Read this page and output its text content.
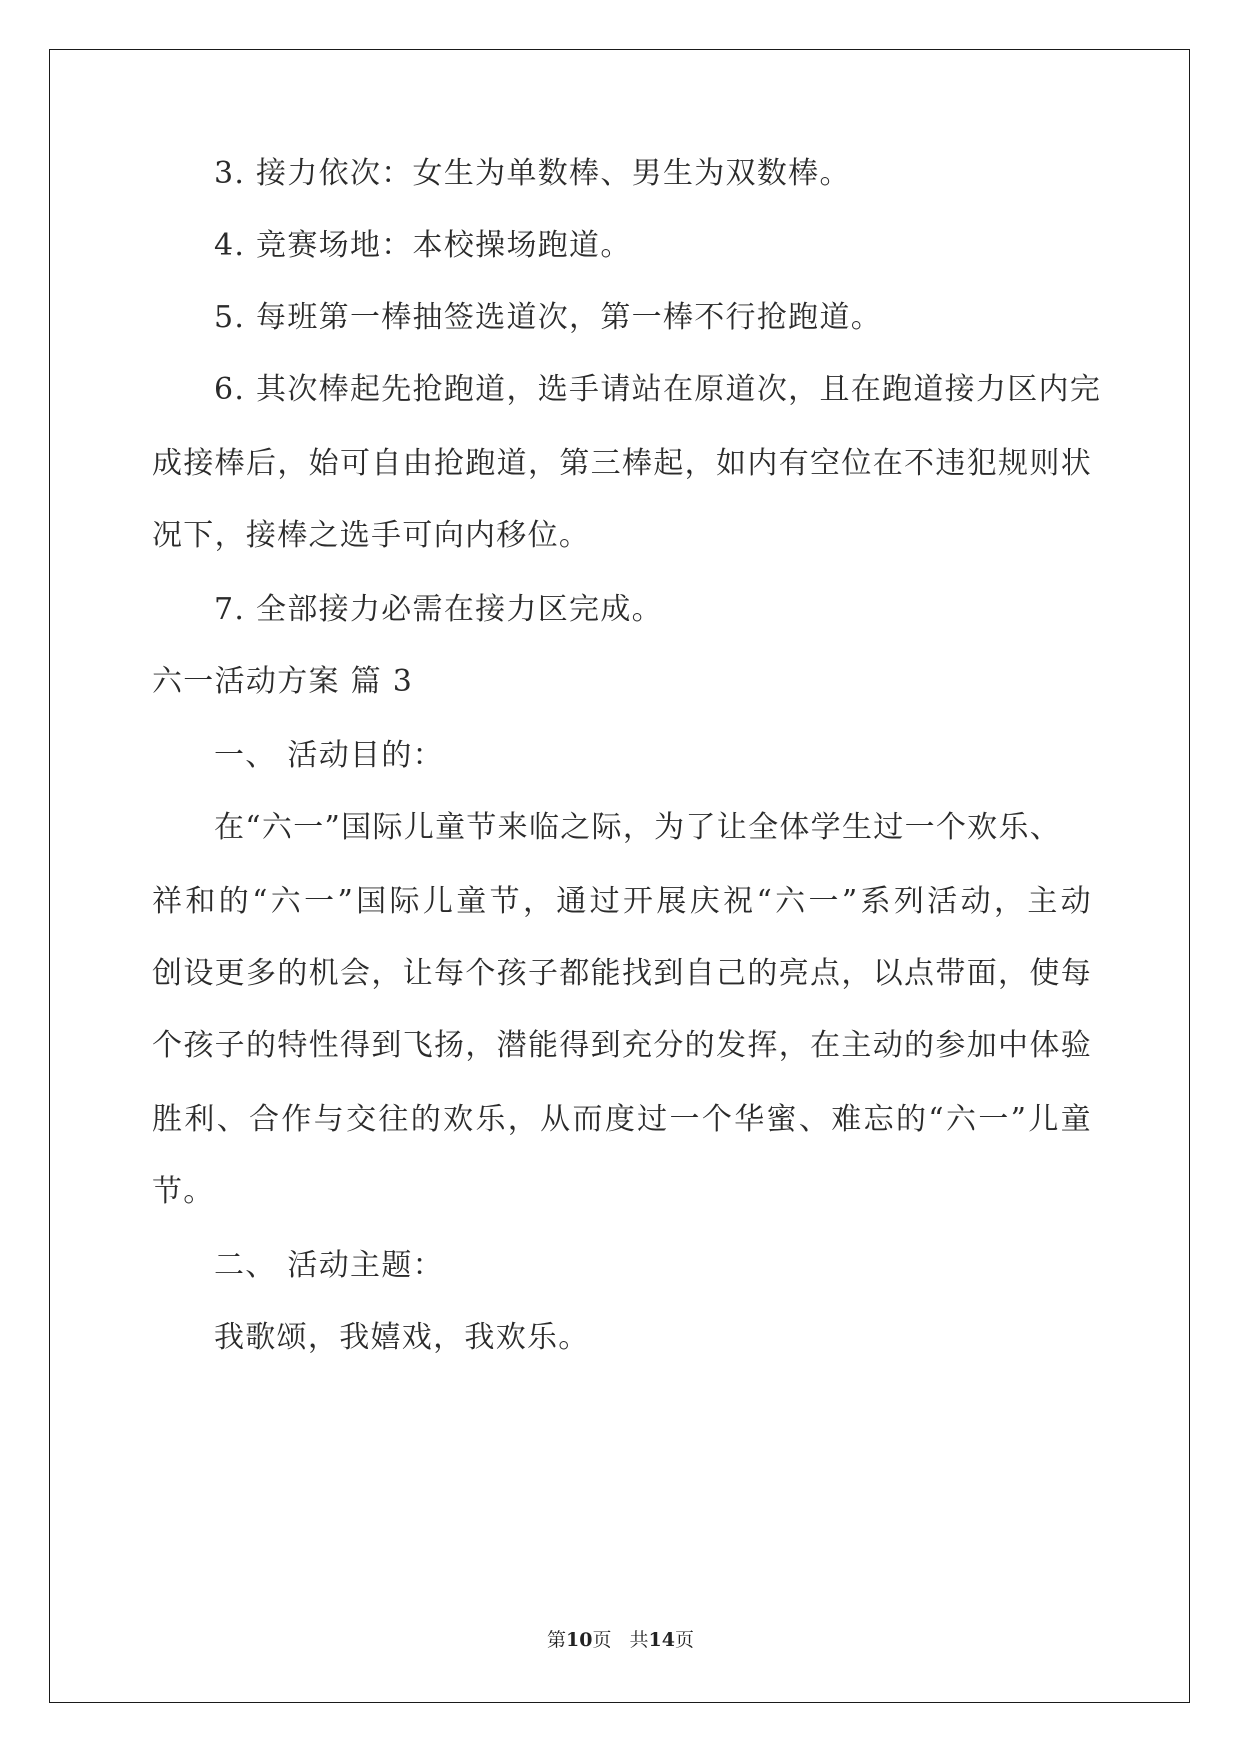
3. 接力依次：女生为单数棒、男生为双数棒。
4. 竞赛场地：本校操场跑道。
5. 每班第一棒抽签选道次，第一棒不行抢跑道。
6. 其次棒起先抢跑道，选手请站在原道次，且在跑道接力区内完
成接棒后，始可自由抢跑道，第三棒起，如内有空位在不违犯规则状
况下，接棒之选手可向内移位。
7. 全部接力必需在接力区完成。
六一活动方案 篇 3
一、 活动目的：
在“六一”国际儿童节来临之际，为了让全体学生过一个欢乐、
祥和的“六一”国际儿童节，通过开展庆祝“六一”系列活动，主动
创设更多的机会，让每个孩子都能找到自己的亮点，以点带面，使每
个孩子的特性得到飞扬，潜能得到充分的发挥，在主动的参加中体验
胜利、合作与交往的欢乐，从而度过一个华蜜、难忘的“六一”儿童
节。
二、 活动主题：
我歌颂，我嬉戏，我欢乐。
第10页 共14页
